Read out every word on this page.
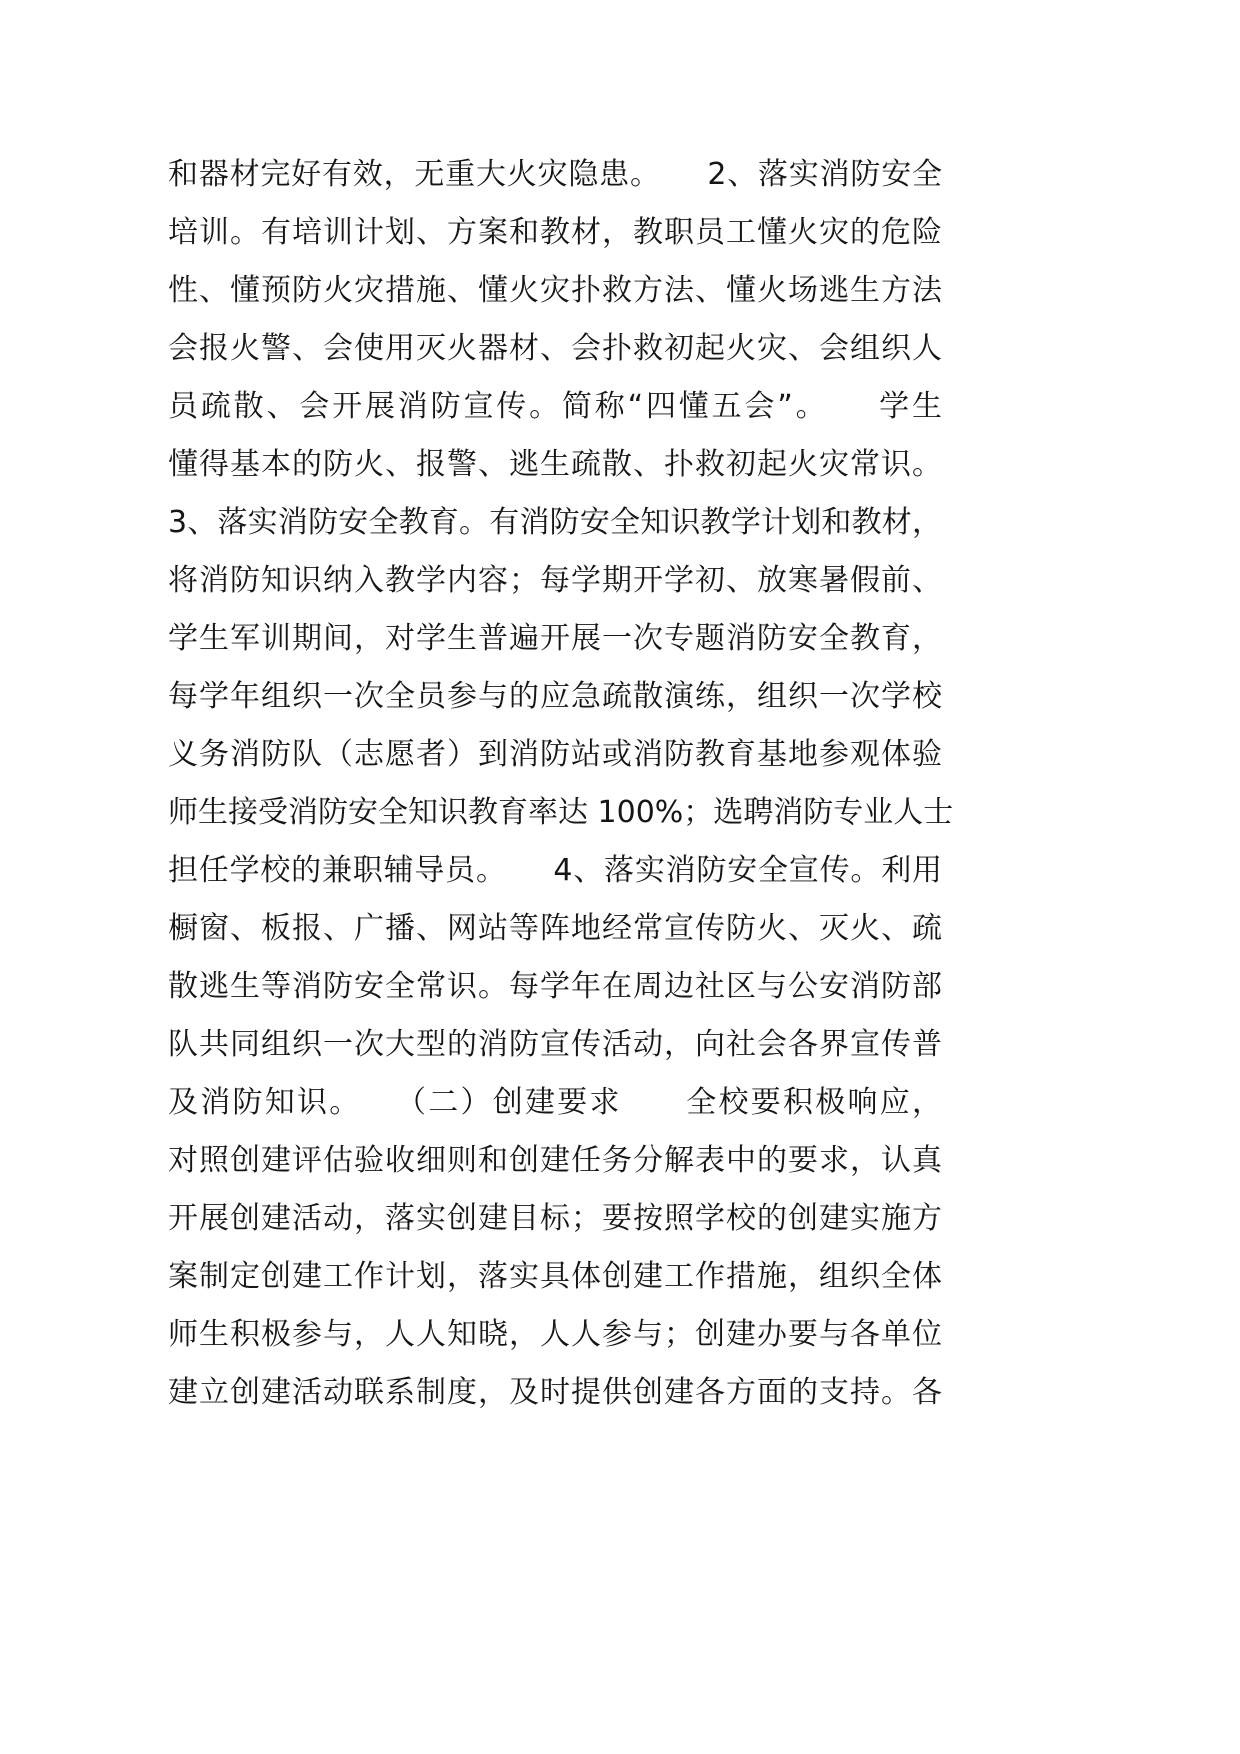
和器材完好有效，无重大火灾隐患。　　2、落实消防安全
培训。有培训计划、方案和教材，教职员工懂火灾的危险
性、懂预防火灾措施、懂火灾扑救方法、懂火场逃生方法
会报火警、会使用灭火器材、会扑救初起火灾、会组织人
员疏散、会开展消防宣传。简称“四懂五会”。　　学生
懂得基本的防火、报警、逃生疏散、扑救初起火灾常识。
3、落实消防安全教育。有消防安全知识教学计划和教材，
将消防知识纳入教学内容；每学期开学初、放寒暑假前、
学生军训期间，对学生普遍开展一次专题消防安全教育，
每学年组织一次全员参与的应急疏散演练，组织一次学校
义务消防队（志愿者）到消防站或消防教育基地参观体验
师生接受消防安全知识教育率达 100%；选聘消防专业人士
担任学校的兼职辅导员。　　4、落实消防安全宣传。利用
橱窗、板报、广播、网站等阵地经常宣传防火、灭火、疏
散逃生等消防安全常识。每学年在周边社区与公安消防部
队共同组织一次大型的消防宣传活动，向社会各界宣传普
及消防知识。　　（二）创建要求　　全校要积极响应，
对照创建评估验收细则和创建任务分解表中的要求，认真
开展创建活动，落实创建目标；要按照学校的创建实施方
案制定创建工作计划，落实具体创建工作措施，组织全体
师生积极参与，人人知晓，人人参与；创建办要与各单位
建立创建活动联系制度，及时提供创建各方面的支持。各
